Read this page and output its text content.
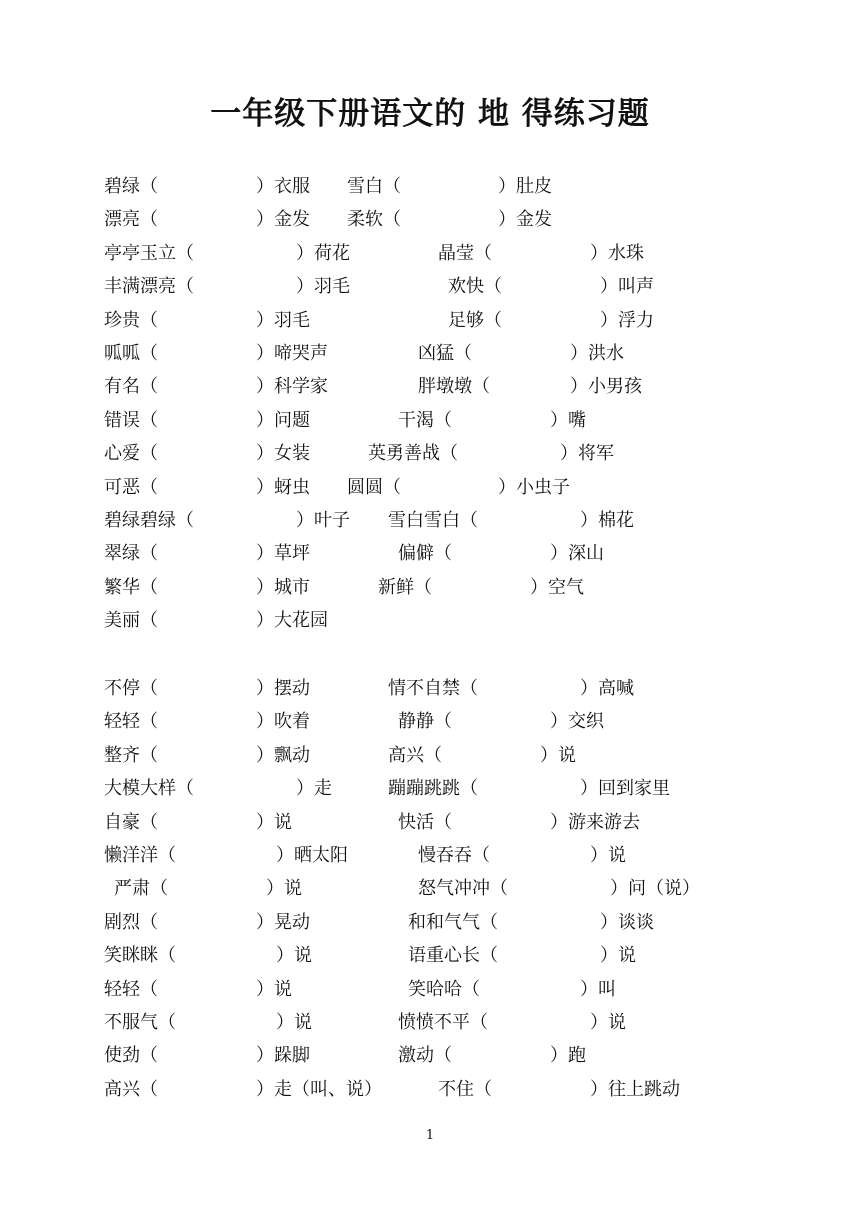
一年级下册语文的 地 得练习题
碧绿（	）衣服 雪白（	）肚皮
漂亮（	）金发 柔软（	）金发
亭亭玉立（	）荷花	晶莹（	）水珠
丰满漂亮（	）羽毛	欢快（	）叫声
珍贵（	）羽毛	足够（	）浮力
呱呱（	）啼哭声	凶猛（	）洪水
有名（	）科学家	胖墩墩（	）小男孩
错误（	）问题	干渴（	）嘴
心爱（	）女装	英勇善战（	）将军
可恶（	）蚜虫 圆圆（	）小虫子
碧绿碧绿（	）叶子 雪白雪白（	）棉花
翠绿（	）草坪	偏僻（	）深山
繁华（	）城市	新鲜（	）空气
美丽（	）大花园
不停（	）摆动	情不自禁（	）高喊
轻轻（	）吹着	静静（	）交织
整齐（	）飘动	高兴（	）说
大模大样（	）走	蹦蹦跳跳（	）回到家里
自豪（	）说	快活（	）游来游去
懒洋洋（	）晒太阳	慢吞吞（	）说
严肃（	）说	怒气冲冲（	）问（说）
剧烈（	）晃动	和和气气（	）谈谈
笑眯眯（	）说	语重心长（	）说
轻轻（	）说	笑哈哈（	）叫
不服气（	）说	愤愤不平（	）说
使劲（	）跺脚	激动（	）跑
高兴（	）走（叫、说）	不住（	）往上跳动
1
